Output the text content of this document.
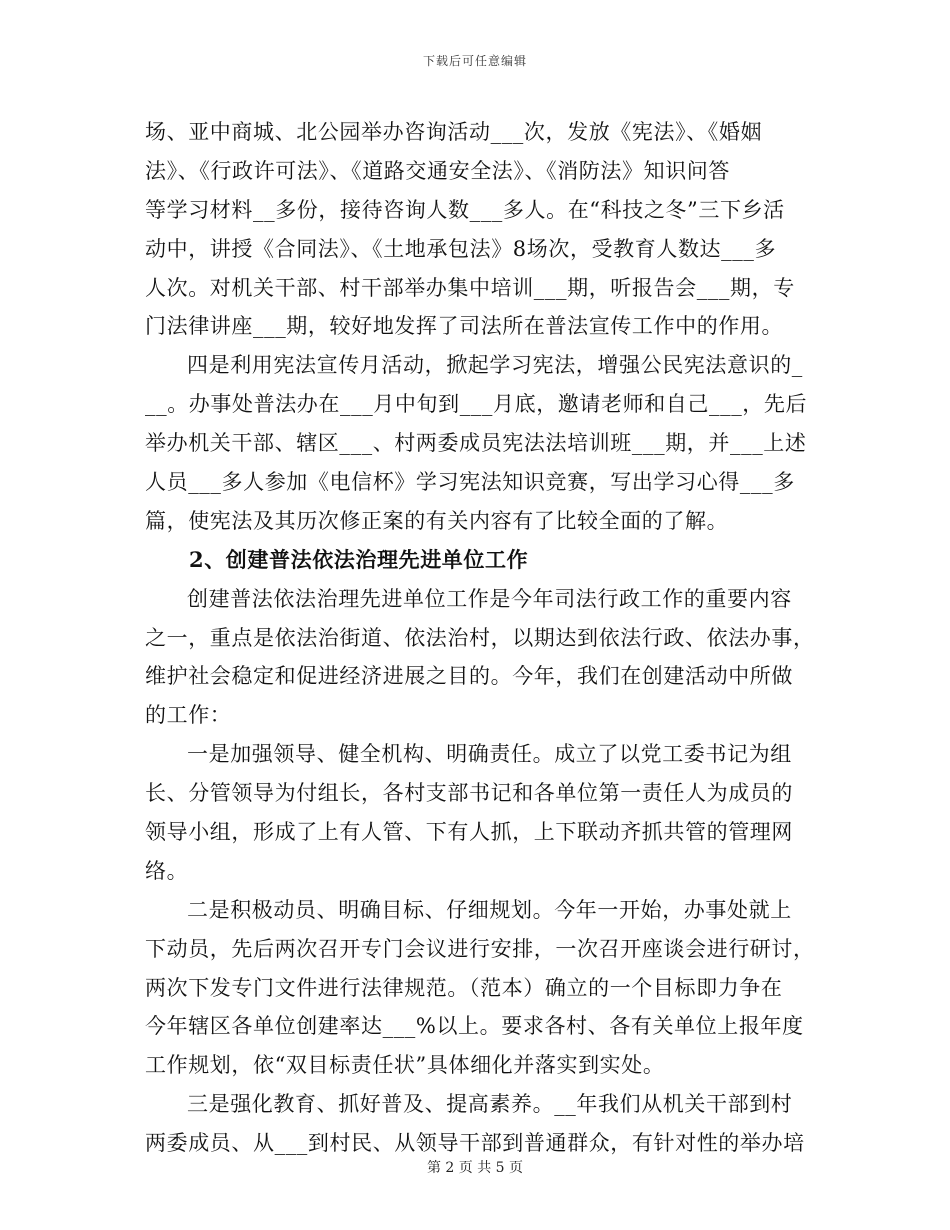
下载后可任意编辑
场、亚中商城、北公园举办咨询活动___次，发放《宪法》、《婚姻
法》、《行政许可法》、《道路交通安全法》、《消防法》知识问答
等学习材料__多份，接待咨询人数___多人。在“科技之冬”三下乡活
动中，讲授《合同法》、《土地承包法》8场次，受教育人数达___多
人次。对机关干部、村干部举办集中培训___期，听报告会___期，专
门法律讲座___期，较好地发挥了司法所在普法宣传工作中的作用。
四是利用宪法宣传月活动，掀起学习宪法，增强公民宪法意识的_
__。办事处普法办在___月中旬到___月底，邀请老师和自己___，先后
举办机关干部、辖区___、村两委成员宪法法培训班___期，并___上述
人员___多人参加《电信杯》学习宪法知识竞赛，写出学习心得___多
篇，使宪法及其历次修正案的有关内容有了比较全面的了解。
2、创建普法依法治理先进单位工作
创建普法依法治理先进单位工作是今年司法行政工作的重要内容
之一，重点是依法治街道、依法治村，以期达到依法行政、依法办事，
维护社会稳定和促进经济进展之目的。今年，我们在创建活动中所做
的工作：
一是加强领导、健全机构、明确责任。成立了以党工委书记为组
长、分管领导为付组长，各村支部书记和各单位第一责任人为成员的
领导小组，形成了上有人管、下有人抓，上下联动齐抓共管的管理网
络。
二是积极动员、明确目标、仔细规划。今年一开始，办事处就上
下动员，先后两次召开专门会议进行安排，一次召开座谈会进行研讨，
两次下发专门文件进行法律规范。（范本）确立的一个目标即力争在
今年辖区各单位创建率达___%以上。要求各村、各有关单位上报年度
工作规划，依“双目标责任状”具体细化并落实到实处。
三是强化教育、抓好普及、提高素养。__年我们从机关干部到村
两委成员、从___到村民、从领导干部到普通群众，有针对性的举办培
第 2 页 共 5 页
